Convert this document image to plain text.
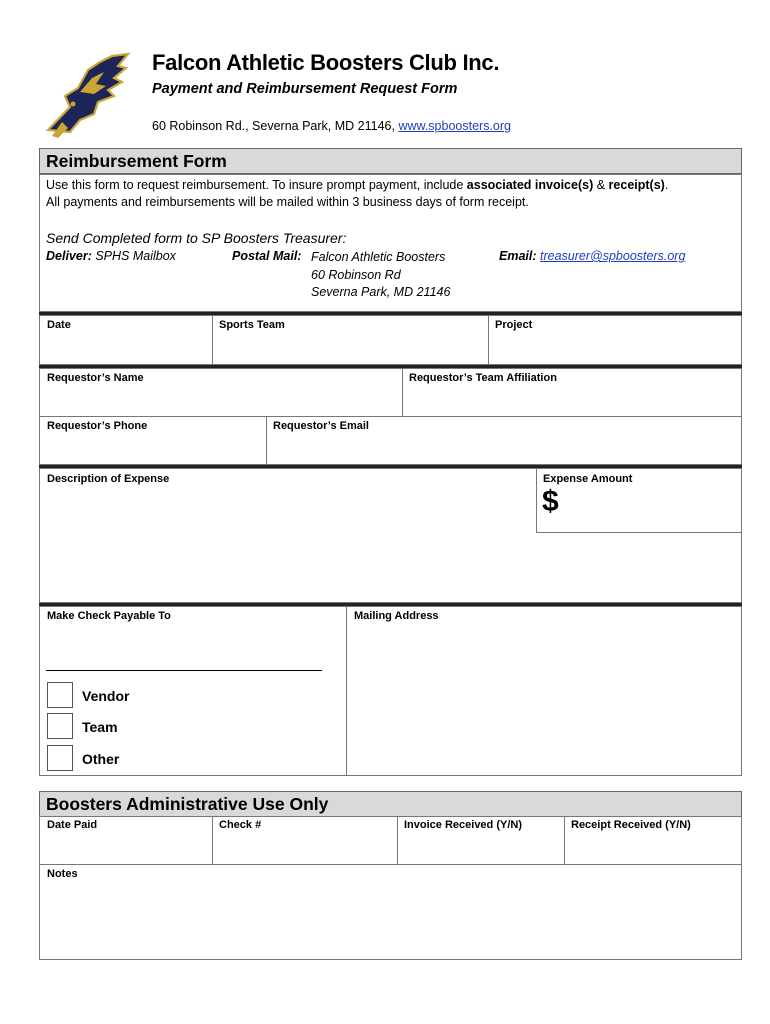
Falcon Athletic Boosters Club Inc.
Payment and Reimbursement Request Form
60 Robinson Rd., Severna Park, MD 21146, www.spboosters.org
Reimbursement Form
Use this form to request reimbursement. To insure prompt payment, include associated invoice(s) & receipt(s).
All payments and reimbursements will be mailed within 3 business days of form receipt.
Send Completed form to SP Boosters Treasurer:
Deliver: SPHS Mailbox	Postal Mail: Falcon Athletic Boosters
60 Robinson Rd
Severna Park, MD 21146
Email: treasurer@spboosters.org
Date	Sports Team	Project
Requestor’s Name	Requestor’s Team Affiliation
Requestor’s Phone	Requestor’s Email
Description of Expense	Expense Amount
$
Make Check Payable To	Mailing Address
Vendor
Team
Other
Boosters Administrative Use Only
Date Paid	Check #	Invoice Received (Y/N)	Receipt Received (Y/N)
Notes
